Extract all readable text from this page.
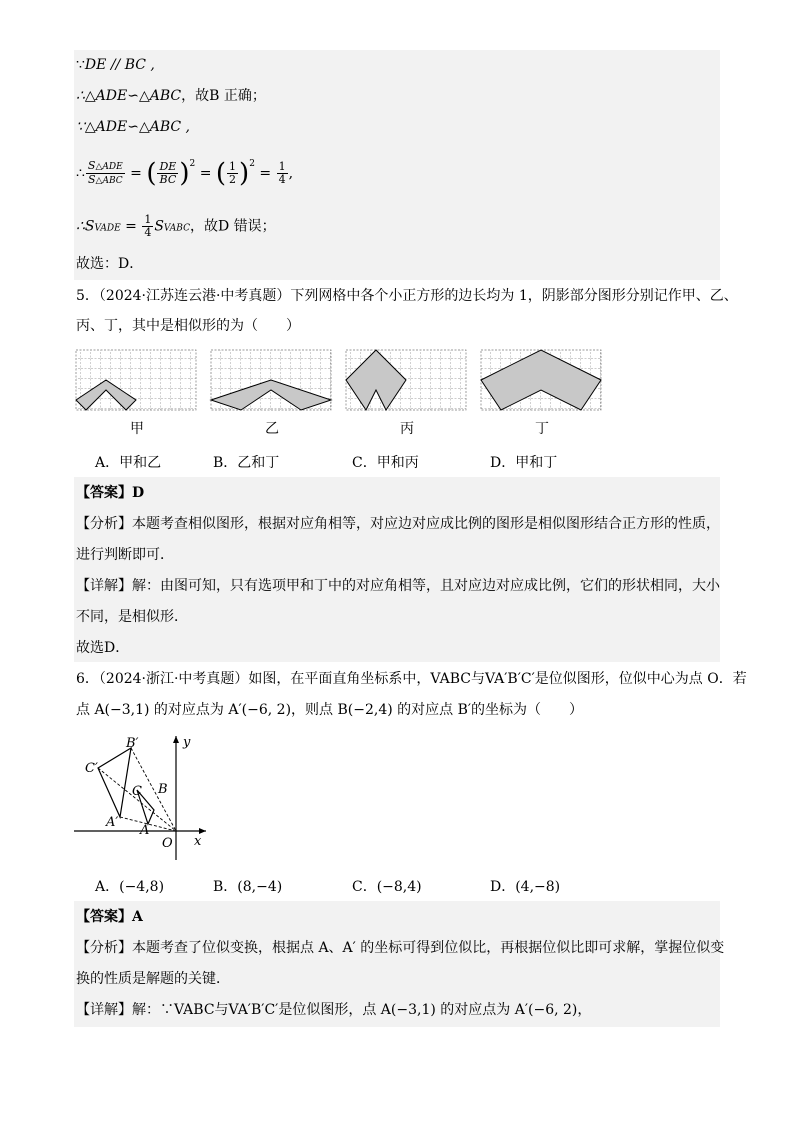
∵DE // BC ,
∴△ADE∽△ABC，故B 正确；
∵△ADE∽△ABC ,
∴ $\frac{\text{S△ADE}}{\text{S△ABC}}$ = ( $\frac{DE}{BC} )^2$ = ( $\frac{1}{2} )^2 = \frac{1}{4}$ ,
∴SVADE = $\frac{1}{4}$ SVABC，故D 错误；
故选：D．
5．（2024·江苏连云港·中考真题）下列网格中各个小正方形的边长均为 1，阴影部分图形分别记作甲、乙、
丙、丁，其中是相似形的为（　　）
甲	乙	丙	丁
A．甲和乙	B．乙和丁	C．甲和丙	D．甲和丁
【答案】D
【分析】本题考查相似图形，根据对应角相等，对应边对应成比例的图形是相似图形结合正方形的性质，
进行判断即可．
【详解】解：由图可知，只有选项甲和丁中的对应角相等，且对应边对应成比例，它们的形状相同，大小
不同，是相似形．
故选D．
6．（2024·浙江·中考真题）如图，在平面直角坐标系中，VABC与VA′B′C′是位似图形，位似中心为点 O．若
点 A(−3,1) 的对应点为 A′(−6, 2)，则点 B(−2,4) 的对应点 B′的坐标为（　　）
B′
C′
B
C
A′
A
O x
y
A．(−4,8)	B．(8,−4)	C．(−8,4)	D．(4,−8)
【答案】A
【分析】本题考查了位似变换，根据点 A、A′ 的坐标可得到位似比，再根据位似比即可求解，掌握位似变
换的性质是解题的关键．
【详解】解：∵VABC与VA′B′C′是位似图形，点 A(−3,1) 的对应点为 A′(−6, 2)，
